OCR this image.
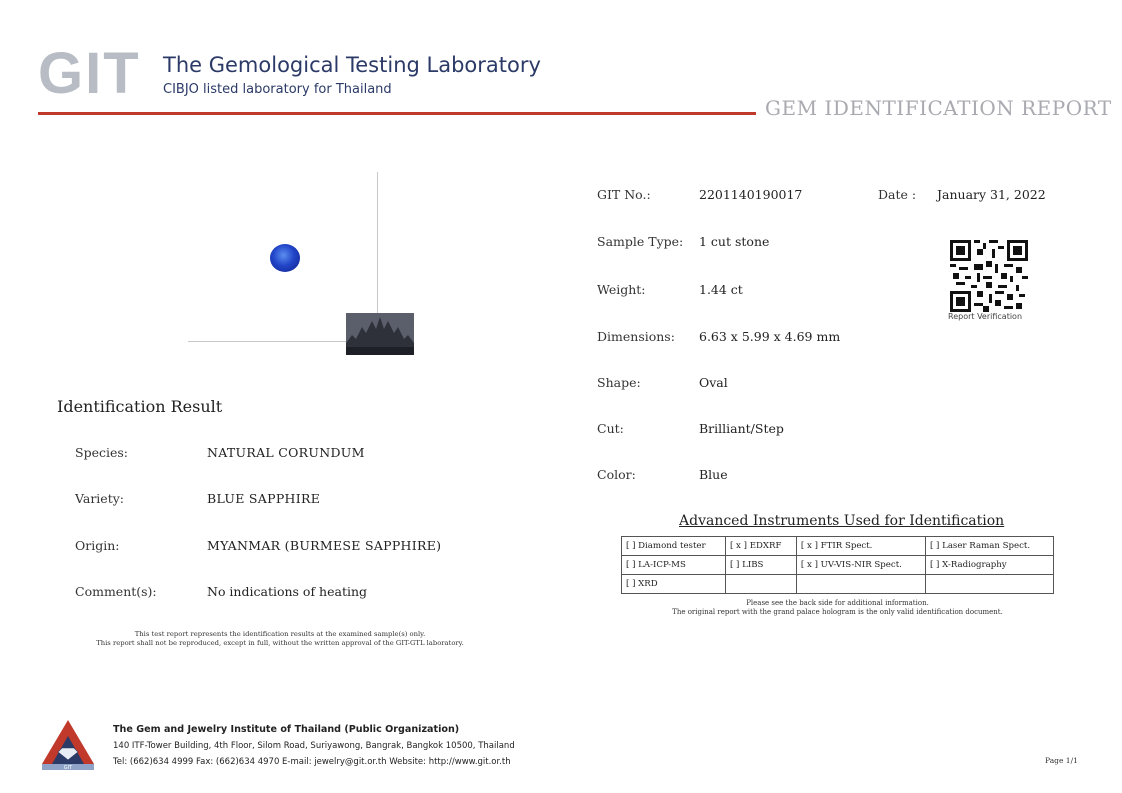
GIT The Gemological Testing Laboratory
CIBJO listed laboratory for Thailand
GEM IDENTIFICATION REPORT
GIT No.:	2201140190017	Date : January 31, 2022
Sample Type: 1 cut stone
Weight:	1.44 ct
Dimensions: 6.63 x 5.99 x 4.69 mm
Shape:	Oval
Cut:	Brilliant/Step
Color:	Blue
Report Verification
Identification Result
Species:	NATURAL CORUNDUM
Variety:	BLUE SAPPHIRE
Origin:	MYANMAR (BURMESE SAPPHIRE)
Comment(s):	No indications of heating
This test report represents the identification results at the examined sample(s) only.
This report shall not be reproduced, except in full, without the written approval of the GIT-GTL laboratory.
Advanced Instruments Used for Identification
[ ] Diamond tester	[ x ] EDXRF	[ x ] FTIR Spect.	[ ] Laser Raman Spect.
[ ] LA-ICP-MS	[ ] LIBS	[ x ] UV-VIS-NIR Spect.	[ ] X-Radiography
[ ] XRD			
Please see the back side for additional information.
The original report with the grand palace hologram is the only valid identification document.
GIT
The Gem and Jewelry Institute of Thailand (Public Organization)
140 ITF-Tower Building, 4th Floor, Silom Road, Suriyawong, Bangrak, Bangkok 10500, Thailand
Tel: (662)634 4999 Fax: (662)634 4970 E-mail: jewelry@git.or.th Website: http://www.git.or.th	Page 1/1
